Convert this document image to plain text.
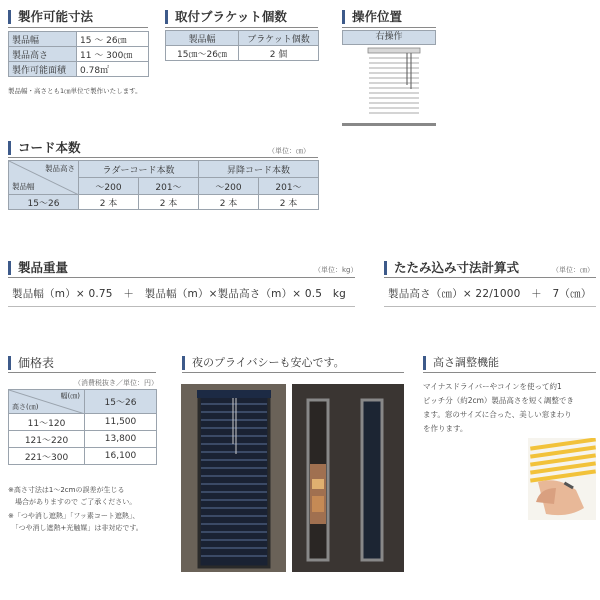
製作可能寸法
製品幅	15 ～ 26㎝
製品高さ	11 ～ 300㎝
製作可能面積	0.78㎡
製品幅・高さとも1㎝単位で製作いたします。
取付ブラケット個数
製品幅	ブラケット個数
15㎝～26㎝	2 個
操作位置
右操作
コード本数	（単位：㎝）
製品高さ
製品幅	ラダーコード本数		昇降コード本数	
	～200	201～	～200	201～
15～26	2 本	2 本	2 本	2 本
製品重量	（単位：kg）
製品幅（m）× 0.75　＋　製品幅（m）×製品高さ（m）× 0.5　kg
たたみ込み寸法計算式	（単位：㎝）
製品高さ（㎝）× 22/1000　＋　7（㎝）
価格表
（消費税抜き／単位：円）
幅(㎝)
高さ(㎝)	15～26
11～120	11,500
121～220	13,800
221～300	16,100
※高さ寸法は1～2cmの誤差が生じる
　場合がありますので ご了承ください。
※「つや消し遮熱」「フッ素コート遮熱」、
　「つや消し遮熱+光触媒」は非対応です。
夜のプライバシーも安心です。	高さ調整機能
マイナスドライバーやコインを使って約1
ピッチ分（約2cm）製品高さを短く調整でき
ます。窓のサイズに合った、美しい窓まわり
を作ります。
